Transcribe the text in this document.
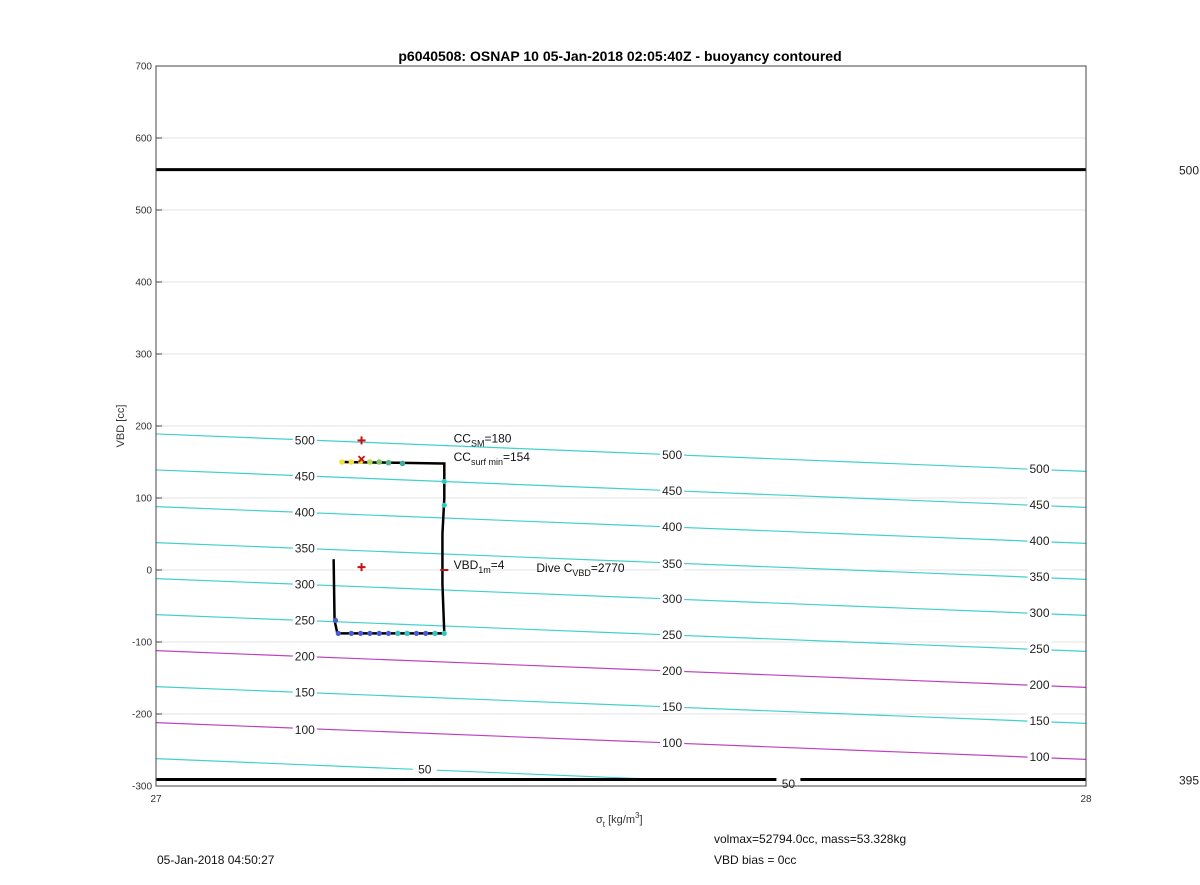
p6040508: OSNAP 10 05-Jan-2018 02:05:40Z - buoyancy contoured
500
395
500
450
400
350
300
250
200
150
100
50
500
450
400
350
300
250
200
150
100
50
500
450
400
350
300
250
200
150
100
$CC_{SM}=180$
$CC_{surf min}=154$
$VBD_{1m}=4$	Dive $C_{VBD}=2770$
-300
-200
-100
0
100
200
300
400
500
600
700
27	28
VBD [cc]
$\sigma_t$ $[kg/m^3]$
05-Jan-2018 04:50:27
volmax=52794.0cc, mass=53.328kg
VBD bias = 0cc
